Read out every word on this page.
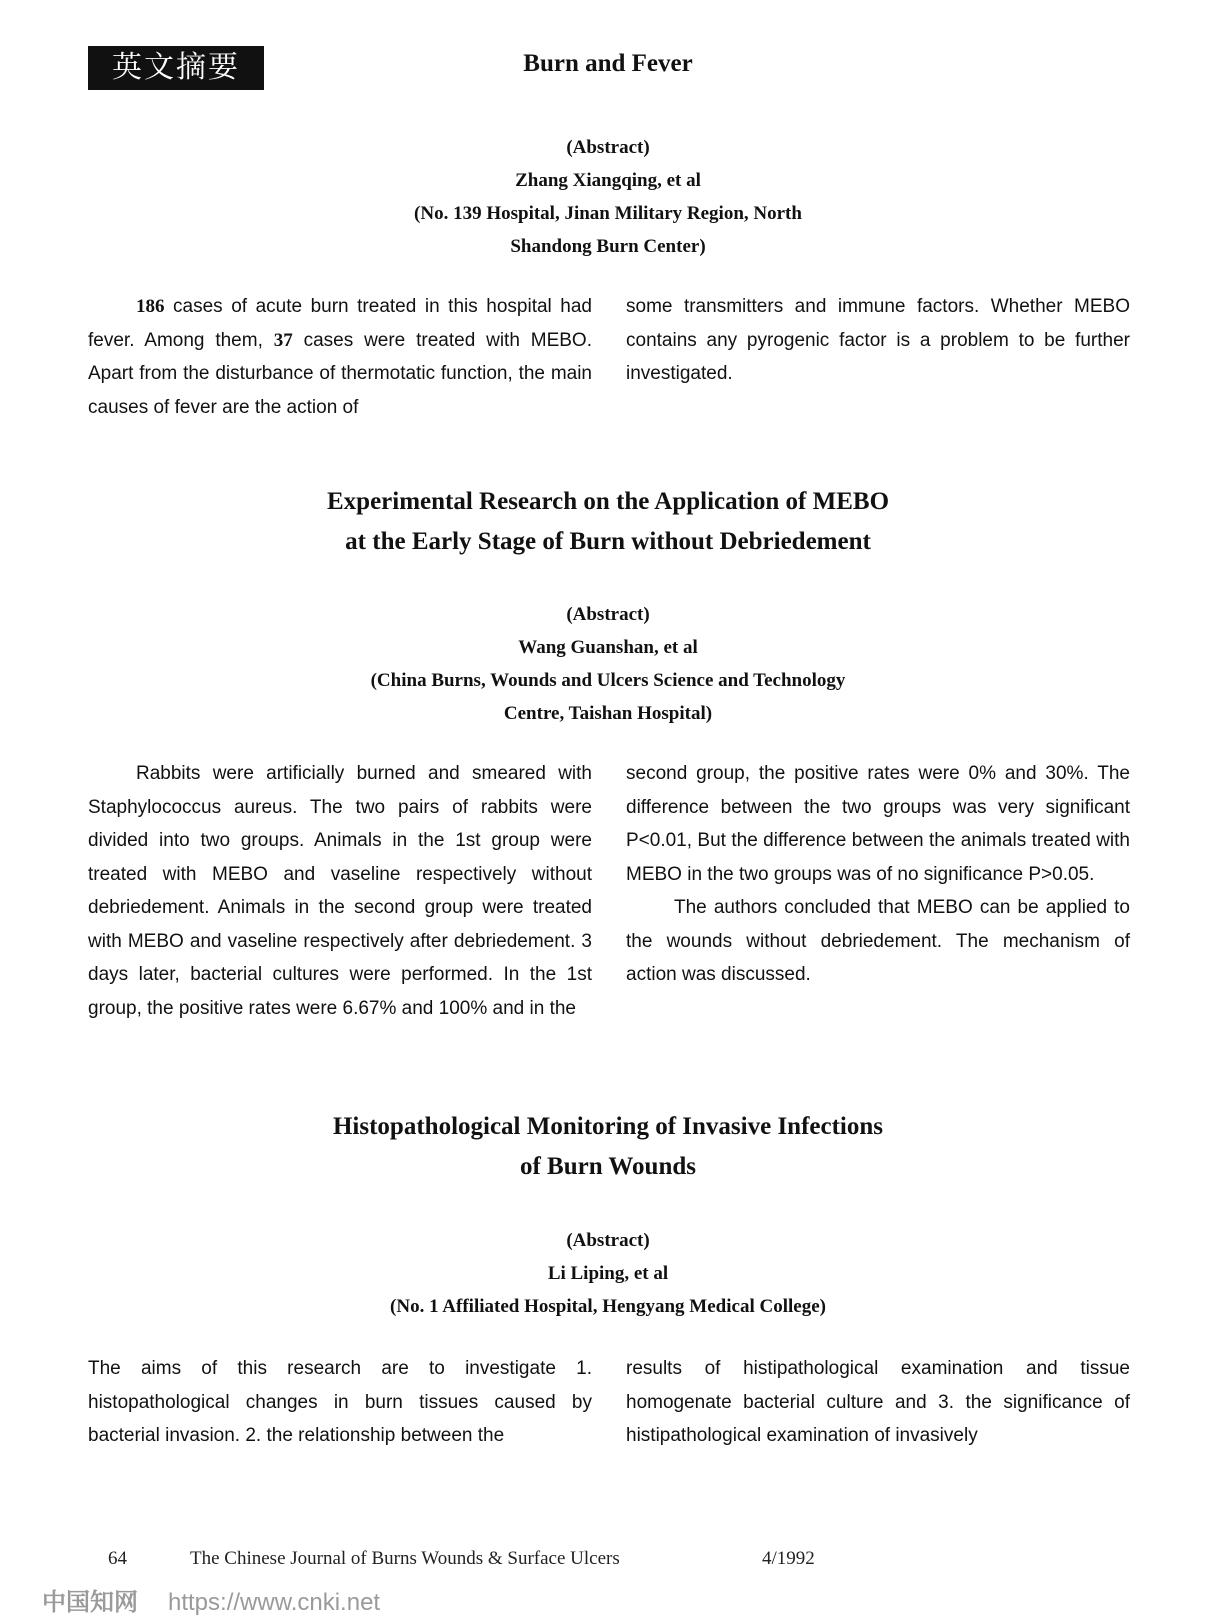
英文摘要	Burn and Fever
(Abstract)
Zhang Xiangqing, et al
(No. 139 Hospital, Jinan Military Region, North
Shandong Burn Center)

186 cases of acute burn treated in this hospital had fever. Among them, 37 cases were treated with MEBO. Apart from the disturbance of thermotatic function, the main causes of fever are the action of

some transmitters and immune factors. Whether MEBO contains any pyrogenic factor is a problem to be further investigated.

Experimental Research on the Application of MEBO
at the Early Stage of Burn without Debriedement
(Abstract)
Wang Guanshan, et al
(China Burns, Wounds and Ulcers Science and Technology
Centre, Taishan Hospital)

Rabbits were artificially burned and smeared with Staphylococcus aureus. The two pairs of rabbits were divided into two groups. Animals in the 1st group were treated with MEBO and vaseline respectively without debriedement. Animals in the second group were treated with MEBO and vaseline respectively after debriedement. 3 days later, bacterial cultures were performed. In the 1st group, the positive rates were 6.67% and 100% and in the

second group, the positive rates were 0% and 30%. The difference between the two groups was very significant P<0.01, But the difference between the animals treated with MEBO in the two groups was of no significance P>0.05.

The authors concluded that MEBO can be applied to the wounds without debriedement. The mechanism of action was discussed.

Histopathological Monitoring of Invasive Infections
of Burn Wounds
(Abstract)
Li Liping, et al
(No. 1 Affiliated Hospital, Hengyang Medical College)

The aims of this research are to investigate 1. histopathological changes in burn tissues caused by bacterial invasion. 2. the relationship between the

results of histipathological examination and tissue homogenate bacterial culture and 3. the significance of histipathological examination of invasively

64	The Chinese Journal of Burns Wounds & Surface Ulcers	4/1992
中国知网 https://www.cnki.net
